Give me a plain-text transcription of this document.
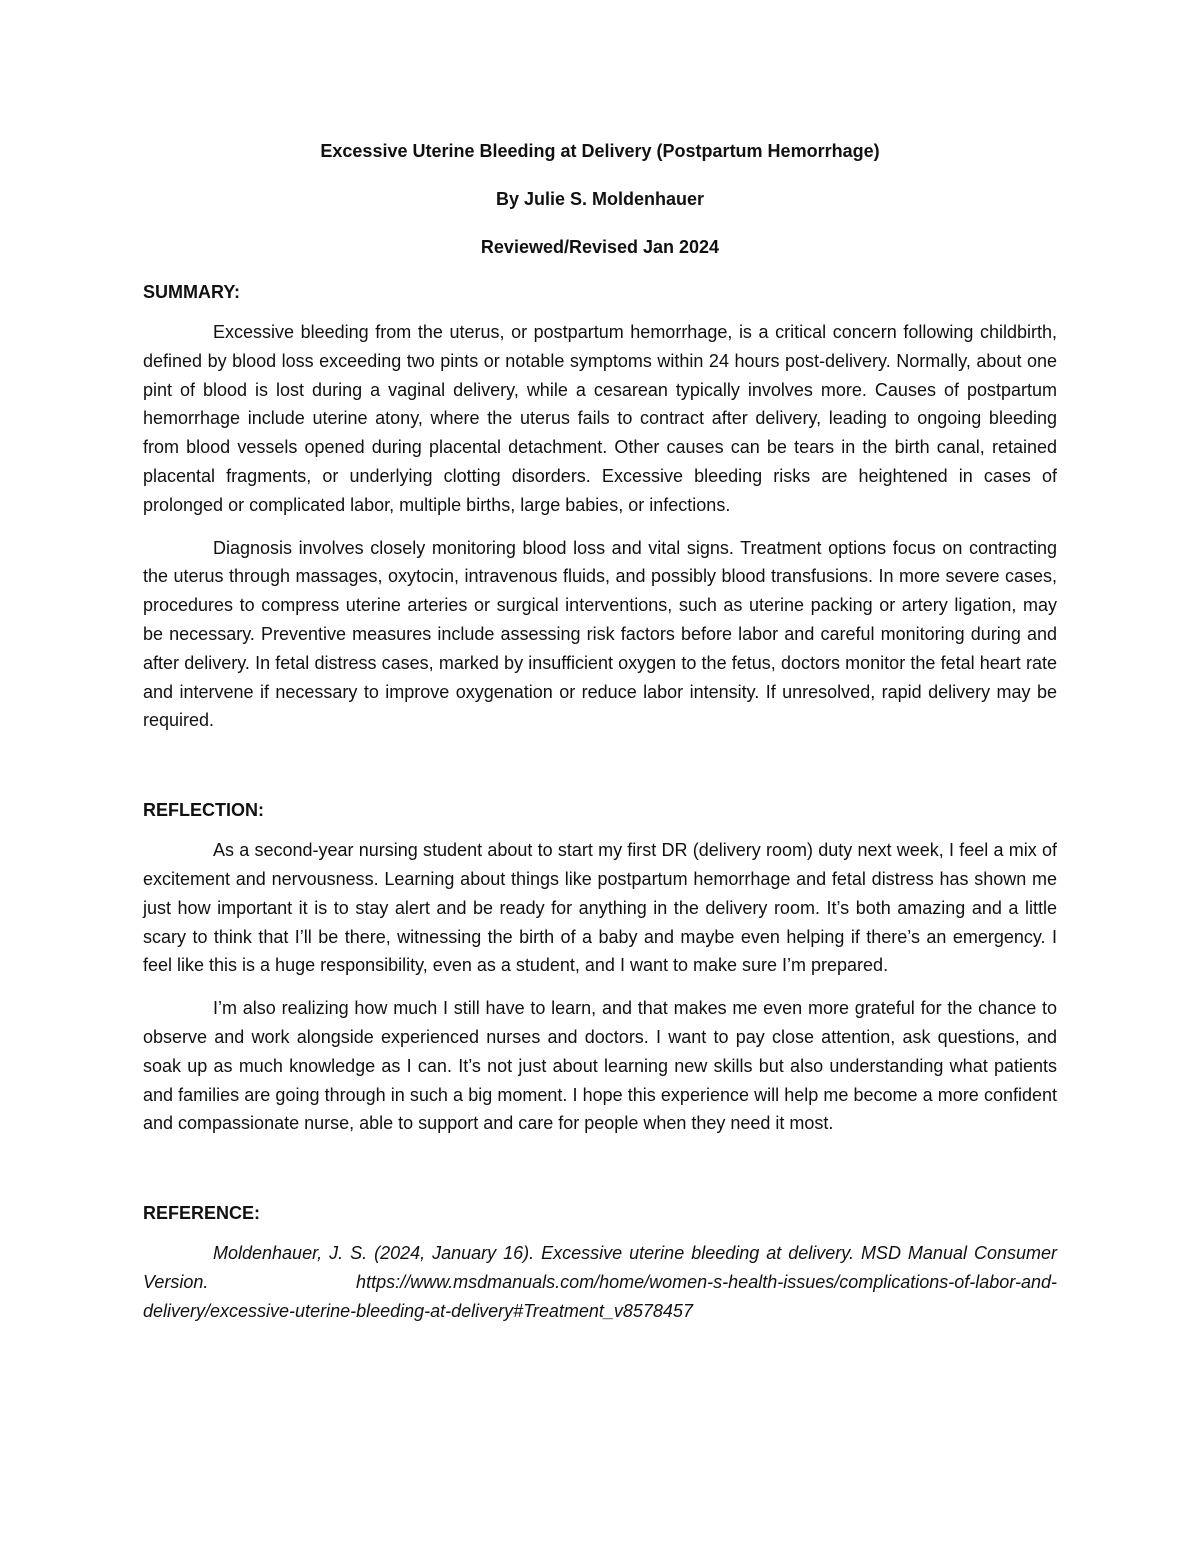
Excessive Uterine Bleeding at Delivery (Postpartum Hemorrhage)
By Julie S. Moldenhauer
Reviewed/Revised Jan 2024
SUMMARY:

Excessive bleeding from the uterus, or postpartum hemorrhage, is a critical concern following childbirth, defined by blood loss exceeding two pints or notable symptoms within 24 hours post-delivery. Normally, about one pint of blood is lost during a vaginal delivery, while a cesarean typically involves more. Causes of postpartum hemorrhage include uterine atony, where the uterus fails to contract after delivery, leading to ongoing bleeding from blood vessels opened during placental detachment. Other causes can be tears in the birth canal, retained placental fragments, or underlying clotting disorders. Excessive bleeding risks are heightened in cases of prolonged or complicated labor, multiple births, large babies, or infections.

Diagnosis involves closely monitoring blood loss and vital signs. Treatment options focus on contracting the uterus through massages, oxytocin, intravenous fluids, and possibly blood transfusions. In more severe cases, procedures to compress uterine arteries or surgical interventions, such as uterine packing or artery ligation, may be necessary. Preventive measures include assessing risk factors before labor and careful monitoring during and after delivery. In fetal distress cases, marked by insufficient oxygen to the fetus, doctors monitor the fetal heart rate and intervene if necessary to improve oxygenation or reduce labor intensity. If unresolved, rapid delivery may be required.

REFLECTION:

As a second-year nursing student about to start my first DR (delivery room) duty next week, I feel a mix of excitement and nervousness. Learning about things like postpartum hemorrhage and fetal distress has shown me just how important it is to stay alert and be ready for anything in the delivery room. It’s both amazing and a little scary to think that I’ll be there, witnessing the birth of a baby and maybe even helping if there’s an emergency. I feel like this is a huge responsibility, even as a student, and I want to make sure I’m prepared.

I’m also realizing how much I still have to learn, and that makes me even more grateful for the chance to observe and work alongside experienced nurses and doctors. I want to pay close attention, ask questions, and soak up as much knowledge as I can. It’s not just about learning new skills but also understanding what patients and families are going through in such a big moment. I hope this experience will help me become a more confident and compassionate nurse, able to support and care for people when they need it most.

REFERENCE:

Moldenhauer, J. S. (2024, January 16). Excessive uterine bleeding at delivery. MSD Manual Consumer Version. https://www.msdmanuals.com/home/women-s-health-issues/complications-of-labor-and-delivery/excessive-uterine-bleeding-at-delivery#Treatment_v8578457
